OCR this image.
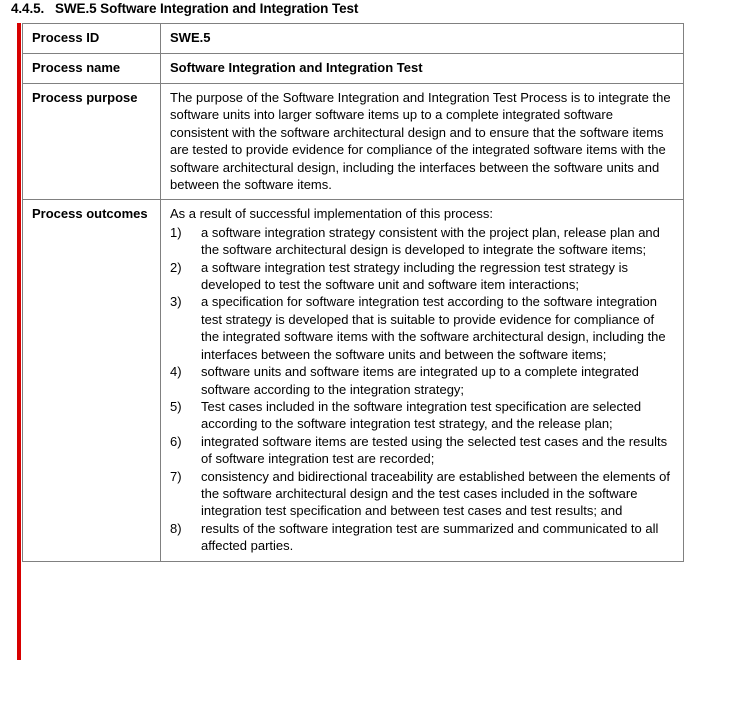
4.4.5. SWE.5 Software Integration and Integration Test
Process ID	SWE.5
Process name	Software Integration and Integration Test
Process purpose	The purpose of the Software Integration and Integration Test Process is to integrate the software units into larger software items up to a complete integrated software consistent with the software architectural design and to ensure that the software items are tested to provide evidence for compliance of the integrated software items with the software architectural design, including the interfaces between the software units and between the software items.

Process outcomes	As a result of successful implementation of this process:

1)	a software integration strategy consistent with the project plan, release plan and the software architectural design is developed to integrate the software items;
2)	a software integration test strategy including the regression test strategy is developed to test the software unit and software item interactions;
3)	a specification for software integration test according to the software integration test strategy is developed that is suitable to provide evidence for compliance of the integrated software items with the software architectural design, including the interfaces between the software units and between the software items;
4)	software units and software items are integrated up to a complete integrated software according to the integration strategy;
5)	Test cases included in the software integration test specification are selected according to the software integration test strategy, and the release plan;
6)	integrated software items are tested using the selected test cases and the results of software integration test are recorded;
7)	consistency and bidirectional traceability are established between the elements of the software architectural design and the test cases included in the software integration test specification and between test cases and test results; and
8)	results of the software integration test are summarized and communicated to all affected parties.
